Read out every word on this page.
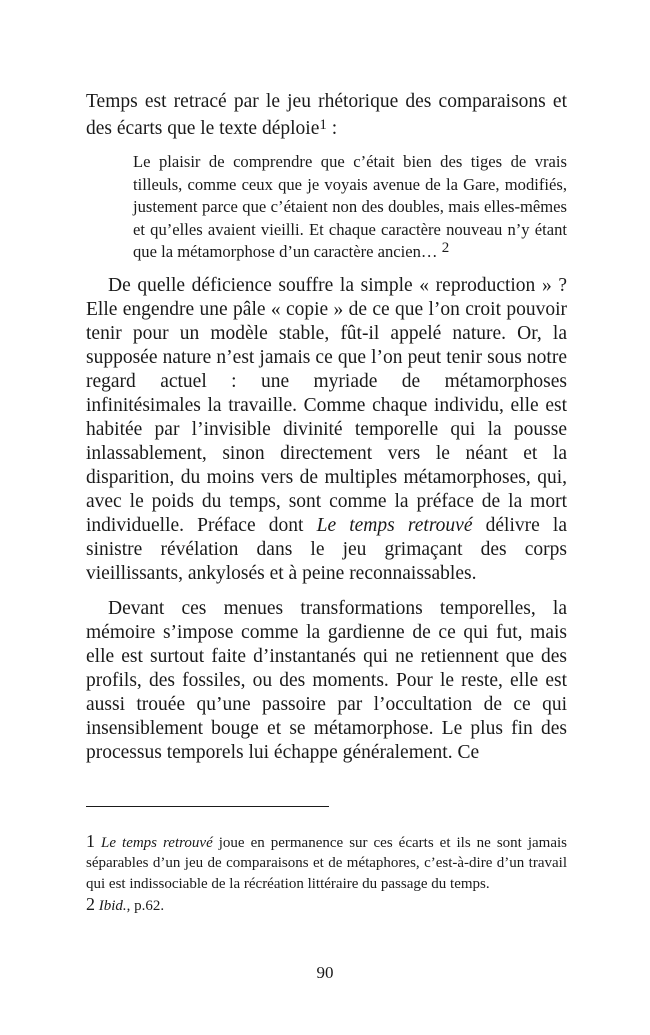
Temps est retracé par le jeu rhétorique des comparaisons et des écarts que le texte déploie$^1$ :

Le plaisir de comprendre que c’était bien des tiges de vrais tilleuls, comme ceux que je voyais avenue de la Gare, modifiés, justement parce que c’étaient non des doubles, mais elles-mêmes et qu’elles avaient vieilli. Et chaque caractère nouveau n’y étant que la métamorphose d’un caractère ancien… $^2$

De quelle déficience souffre la simple « reproduction » ? Elle engendre une pâle « copie » de ce que l’on croit pouvoir tenir pour un modèle stable, fût-il appelé nature. Or, la supposée nature n’est jamais ce que l’on peut tenir sous notre regard actuel : une myriade de métamorphoses infinitésimales la travaille. Comme chaque individu, elle est habitée par l’invisible divinité temporelle qui la pousse inlassablement, sinon directement vers le néant et la disparition, du moins vers de multiples métamorphoses, qui, avec le poids du temps, sont comme la préface de la mort individuelle. Préface dont Le temps retrouvé délivre la sinistre révélation dans le jeu grimaçant des corps vieillissants, ankylosés et à peine reconnaissables.

Devant ces menues transformations temporelles, la mémoire s’impose comme la gardienne de ce qui fut, mais elle est surtout faite d’instantanés qui ne retiennent que des profils, des fossiles, ou des moments. Pour le reste, elle est aussi trouée qu’une passoire par l’occultation de ce qui insensiblement bouge et se métamorphose. Le plus fin des processus temporels lui échappe généralement. Ce

1 Le temps retrouvé joue en permanence sur ces écarts et ils ne sont jamais séparables d’un jeu de comparaisons et de métaphores, c’est-à-dire d’un travail qui est indissociable de la récréation littéraire du passage du temps.

2 Ibid., p.62.

90
